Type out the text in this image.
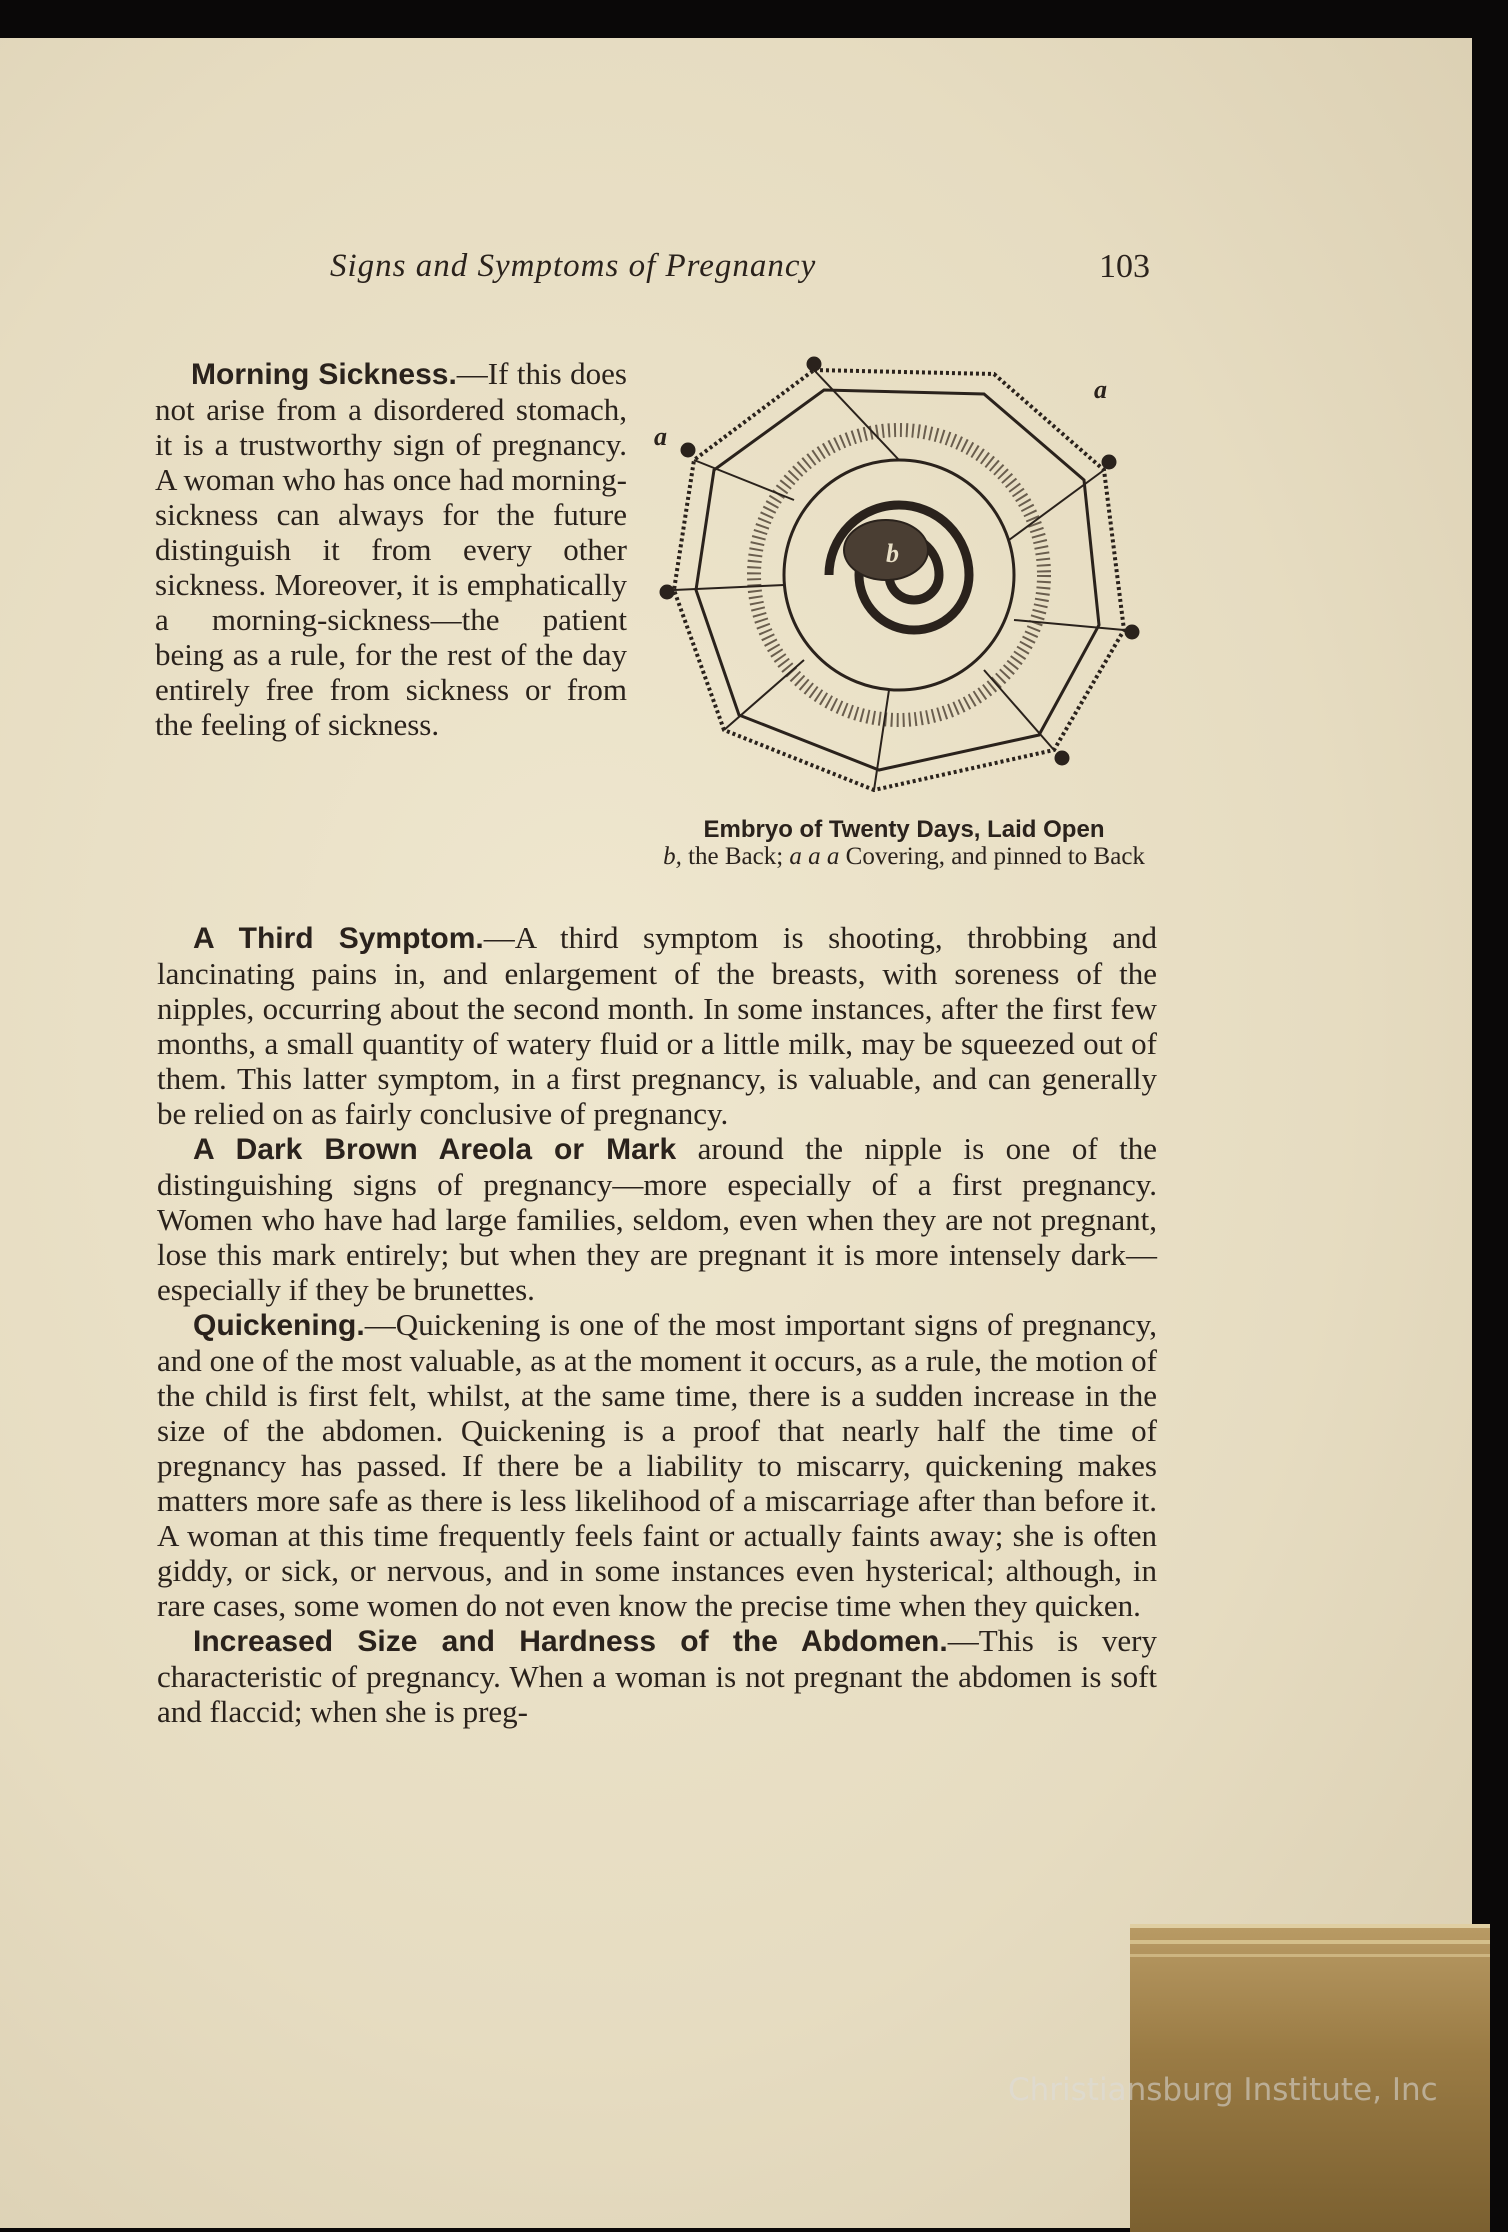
Signs and Symptoms of Pregnancy	103

Morning Sickness.—If this does not arise from a disordered stomach, it is a trustworthy sign of pregnancy. A woman who has once had morning-sickness can always for the future distinguish it from every other sickness. Moreover, it is emphatically a morning-sickness—the patient being as a rule, for the rest of the day entirely free from sickness or from the feeling of sickness.

a
a
b
Embryo of Twenty Days, Laid Open
b, the Back; a a a Covering, and pinned to Back

A Third Symptom.—A third symptom is shooting, throbbing and lancinating pains in, and enlargement of the breasts, with soreness of the nipples, occurring about the second month. In some instances, after the first few months, a small quantity of watery fluid or a little milk, may be squeezed out of them. This latter symptom, in a first pregnancy, is valuable, and can generally be relied on as fairly conclusive of pregnancy.

A Dark Brown Areola or Mark around the nipple is one of the distinguishing signs of pregnancy—more especially of a first pregnancy. Women who have had large families, seldom, even when they are not pregnant, lose this mark entirely; but when they are pregnant it is more intensely dark—especially if they be brunettes.

Quickening.—Quickening is one of the most important signs of pregnancy, and one of the most valuable, as at the moment it occurs, as a rule, the motion of the child is first felt, whilst, at the same time, there is a sudden increase in the size of the abdomen. Quickening is a proof that nearly half the time of pregnancy has passed. If there be a liability to miscarry, quickening makes matters more safe as there is less likelihood of a miscarriage after than before it. A woman at this time frequently feels faint or actually faints away; she is often giddy, or sick, or nervous, and in some instances even hysterical; although, in rare cases, some women do not even know the precise time when they quicken.

Increased Size and Hardness of the Abdomen.—This is very characteristic of pregnancy. When a woman is not pregnant the abdomen is soft and flaccid; when she is preg-

Christiansburg Institute, Inc
